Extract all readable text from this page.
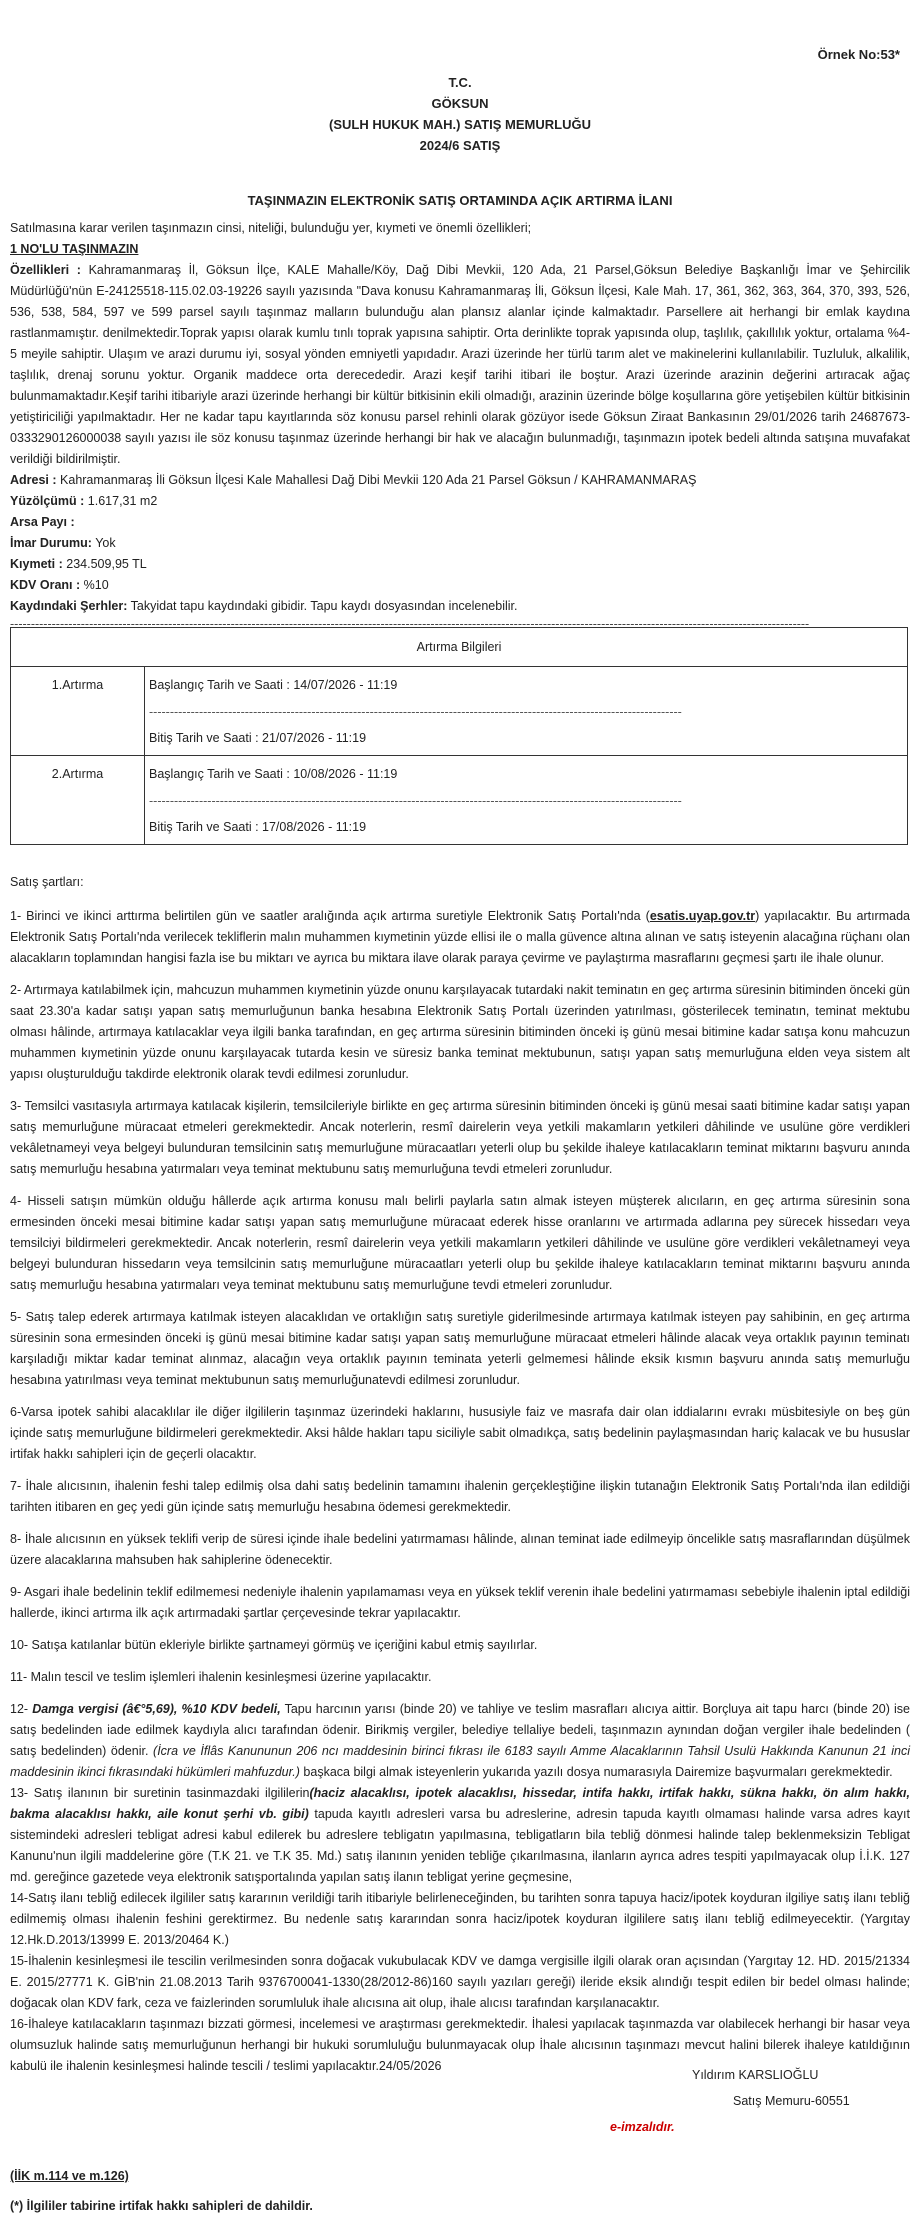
Örnek No:53*
T.C.
GÖKSUN
(SULH HUKUK MAH.) SATIŞ MEMURLUĞU
2024/6 SATIŞ
TAŞINMAZIN ELEKTRONİK SATIŞ ORTAMINDA AÇIK ARTIRMA İLANI
Satılmasına karar verilen taşınmazın cinsi, niteliği, bulunduğu yer, kıymeti ve önemli özellikleri;
1 NO'LU TAŞINMAZIN
Özellikleri : Kahramanmaraş İl, Göksun İlçe, KALE Mahalle/Köy, Dağ Dibi Mevkii, 120 Ada, 21 Parsel,Göksun Belediye Başkanlığı İmar ve Şehircilik Müdürlüğü'nün E-24125518-115.02.03-19226 sayılı yazısında "Dava konusu Kahramanmaraş İli, Göksun İlçesi, Kale Mah. 17, 361, 362, 363, 364, 370, 393, 526, 536, 538, 584, 597 ve 599 parsel sayılı taşınmaz malların bulunduğu alan plansız alanlar içinde kalmaktadır. Parsellere ait herhangi bir emlak kaydına rastlanmamıştır. denilmektedir.Toprak yapısı olarak kumlu tınlı toprak yapısına sahiptir. Orta derinlikte toprak yapısında olup, taşlılık, çakıllılık yoktur, ortalama %4-5 meyile sahiptir. Ulaşım ve arazi durumu iyi, sosyal yönden emniyetli yapıdadır. Arazi üzerinde her türlü tarım alet ve makinelerini kullanılabilir. Tuzluluk, alkalilik, taşlılık, drenaj sorunu yoktur. Organik maddece orta derecededir. Arazi keşif tarihi itibari ile boştur. Arazi üzerinde arazinin değerini artıracak ağaç bulunmamaktadır.Keşif tarihi itibariyle arazi üzerinde herhangi bir kültür bitkisinin ekili olmadığı, arazinin üzerinde bölge koşullarına göre yetişebilen kültür bitkisinin yetiştiriciliği yapılmaktadır. Her ne kadar tapu kayıtlarında söz konusu parsel rehinli olarak gözüyor isede Göksun Ziraat Bankasının 29/01/2026 tarih 24687673-0333290126000038 sayılı yazısı ile söz konusu taşınmaz üzerinde herhangi bir hak ve alacağın bulunmadığı, taşınmazın ipotek bedeli altında satışına muvafakat verildiği bildirilmiştir.
Adresi : Kahramanmaraş İli Göksun İlçesi Kale Mahallesi Dağ Dibi Mevkii 120 Ada 21 Parsel Göksun / KAHRAMANMARAŞ
Yüzölçümü : 1.617,31 m2
Arsa Payı :
İmar Durumu: Yok
Kıymeti : 234.509,95 TL
KDV Oranı : %10
Kaydındaki Şerhler: Takyidat tapu kaydındaki gibidir. Tapu kaydı dosyasından incelenebilir.
------------------------------------------------------------------------------------------------------------------------------------------------------------------------------------------------
Artırma Bilgileri	
1.Artırma	Başlangıç Tarih ve Saati : 14/07/2026 - 11:19
--------------------------------------------------------------------------------------------------------------------------------
Bitiş Tarih ve Saati : 21/07/2026 - 11:19

2.Artırma	Başlangıç Tarih ve Saati : 10/08/2026 - 11:19
--------------------------------------------------------------------------------------------------------------------------------
Bitiş Tarih ve Saati : 17/08/2026 - 11:19

Satış şartları:

1- Birinci ve ikinci arttırma belirtilen gün ve saatler aralığında açık artırma suretiyle Elektronik Satış Portalı'nda (esatis.uyap.gov.tr) yapılacaktır. Bu artırmada Elektronik Satış Portalı'nda verilecek tekliflerin malın muhammen kıymetinin yüzde ellisi ile o malla güvence altına alınan ve satış isteyenin alacağına rüçhanı olan alacakların toplamından hangisi fazla ise bu miktarı ve ayrıca bu miktara ilave olarak paraya çevirme ve paylaştırma masraflarını geçmesi şartı ile ihale olunur.

2- Artırmaya katılabilmek için, mahcuzun muhammen kıymetinin yüzde onunu karşılayacak tutardaki nakit teminatın en geç artırma süresinin bitiminden önceki gün saat 23.30'a kadar satışı yapan satış memurluğunun banka hesabına Elektronik Satış Portalı üzerinden yatırılması, gösterilecek teminatın, teminat mektubu olması hâlinde, artırmaya katılacaklar veya ilgili banka tarafından, en geç artırma süresinin bitiminden önceki iş günü mesai bitimine kadar satışa konu mahcuzun muhammen kıymetinin yüzde onunu karşılayacak tutarda kesin ve süresiz banka teminat mektubunun, satışı yapan satış memurluğuna elden veya sistem alt yapısı oluşturulduğu takdirde elektronik olarak tevdi edilmesi zorunludur.

3- Temsilci vasıtasıyla artırmaya katılacak kişilerin, temsilcileriyle birlikte en geç artırma süresinin bitiminden önceki iş günü mesai saati bitimine kadar satışı yapan satış memurluğune müracaat etmeleri gerekmektedir. Ancak noterlerin, resmî dairelerin veya yetkili makamların yetkileri dâhilinde ve usulüne göre verdikleri vekâletnameyi veya belgeyi bulunduran temsilcinin satış memurluğune müracaatları yeterli olup bu şekilde ihaleye katılacakların teminat miktarını başvuru anında satış memurluğu hesabına yatırmaları veya teminat mektubunu satış memurluğuna tevdi etmeleri zorunludur.

4- Hisseli satışın mümkün olduğu hâllerde açık artırma konusu malı belirli paylarla satın almak isteyen müşterek alıcıların, en geç artırma süresinin sona ermesinden önceki mesai bitimine kadar satışı yapan satış memurluğune müracaat ederek hisse oranlarını ve artırmada adlarına pey sürecek hissedarı veya temsilciyi bildirmeleri gerekmektedir. Ancak noterlerin, resmî dairelerin veya yetkili makamların yetkileri dâhilinde ve usulüne göre verdikleri vekâletnameyi veya belgeyi bulunduran hissedarın veya temsilcinin satış memurluğune müracaatları yeterli olup bu şekilde ihaleye katılacakların teminat miktarını başvuru anında satış memurluğu hesabına yatırmaları veya teminat mektubunu satış memurluğune tevdi etmeleri zorunludur.

5- Satış talep ederek artırmaya katılmak isteyen alacaklıdan ve ortaklığın satış suretiyle giderilmesinde artırmaya katılmak isteyen pay sahibinin, en geç artırma süresinin sona ermesinden önceki iş günü mesai bitimine kadar satışı yapan satış memurluğune müracaat etmeleri hâlinde alacak veya ortaklık payının teminatı karşıladığı miktar kadar teminat alınmaz, alacağın veya ortaklık payının teminata yeterli gelmemesi hâlinde eksik kısmın başvuru anında satış memurluğu hesabına yatırılması veya teminat mektubunun satış memurluğunatevdi edilmesi zorunludur.

6-Varsa ipotek sahibi alacaklılar ile diğer ilgililerin taşınmaz üzerindeki haklarını, hususiyle faiz ve masrafa dair olan iddialarını evrakı müsbitesiyle on beş gün içinde satış memurluğune bildirmeleri gerekmektedir. Aksi hâlde hakları tapu siciliyle sabit olmadıkça, satış bedelinin paylaşmasından hariç kalacak ve bu hususlar irtifak hakkı sahipleri için de geçerli olacaktır.

7- İhale alıcısının, ihalenin feshi talep edilmiş olsa dahi satış bedelinin tamamını ihalenin gerçekleştiğine ilişkin tutanağın Elektronik Satış Portalı'nda ilan edildiği tarihten itibaren en geç yedi gün içinde satış memurluğu hesabına ödemesi gerekmektedir.

8- İhale alıcısının en yüksek teklifi verip de süresi içinde ihale bedelini yatırmaması hâlinde, alınan teminat iade edilmeyip öncelikle satış masraflarından düşülmek üzere alacaklarına mahsuben hak sahiplerine ödenecektir.

9- Asgari ihale bedelinin teklif edilmemesi nedeniyle ihalenin yapılamaması veya en yüksek teklif verenin ihale bedelini yatırmaması sebebiyle ihalenin iptal edildiği hallerde, ikinci artırma ilk açık artırmadaki şartlar çerçevesinde tekrar yapılacaktır.

10- Satışa katılanlar bütün ekleriyle birlikte şartnameyi görmüş ve içeriğini kabul etmiş sayılırlar.

11- Malın tescil ve teslim işlemleri ihalenin kesinleşmesi üzerine yapılacaktır.

12- Damga vergisi (â€°5,69), %10 KDV bedeli, Tapu harcının yarısı (binde 20) ve tahliye ve teslim masrafları alıcıya aittir. Borçluya ait tapu harcı (binde 20) ise satış bedelinden iade edilmek kaydıyla alıcı tarafından ödenir. Birikmiş vergiler, belediye tellaliye bedeli, taşınmazın aynından doğan vergiler ihale bedelinden ( satış bedelinden) ödenir. (İcra ve İflâs Kanununun 206 ncı maddesinin birinci fıkrası ile 6183 sayılı Amme Alacaklarının Tahsil Usulü Hakkında Kanunun 21 inci maddesinin ikinci fıkrasındaki hükümleri mahfuzdur.) başkaca bilgi almak isteyenlerin yukarıda yazılı dosya numarasıyla Dairemize başvurmaları gerekmektedir.

13- Satış ilanının bir suretinin tasinmazdaki ilgililerin(haciz alacaklısı, ipotek alacaklısı, hissedar, intifa hakkı, irtifak hakkı, sükna hakkı, ön alım hakkı, bakma alacaklısı hakkı, aile konut şerhi vb. gibi) tapuda kayıtlı adresleri varsa bu adreslerine, adresin tapuda kayıtlı olmaması halinde varsa adres kayıt sistemindeki adresleri tebligat adresi kabul edilerek bu adreslere tebligatın yapılmasına, tebligatların bila tebliğ dönmesi halinde talep beklenmeksizin Tebligat Kanunu'nun ilgili maddelerine göre (T.K 21. ve T.K 35. Md.) satış ilanının yeniden tebliğe çıkarılmasına, ilanların ayrıca adres tespiti yapılmayacak olup İ.İ.K. 127 md. gereğince gazetede veya elektronik satışportalında yapılan satış ilanın tebligat yerine geçmesine,

14-Satış ilanı tebliğ edilecek ilgililer satış kararının verildiği tarih itibariyle belirleneceğinden, bu tarihten sonra tapuya haciz/ipotek koyduran ilgiliye satış ilanı tebliğ edilmemiş olması ihalenin feshini gerektirmez. Bu nedenle satış kararından sonra haciz/ipotek koyduran ilgililere satış ilanı tebliğ edilmeyecektir. (Yargıtay 12.Hk.D.2013/13999 E. 2013/20464 K.)

15-İhalenin kesinleşmesi ile tescilin verilmesinden sonra doğacak vukubulacak KDV ve damga vergisille ilgili olarak oran açısından (Yargıtay 12. HD. 2015/21334 E. 2015/27771 K. GİB'nin 21.08.2013 Tarih 9376700041-1330(28/2012-86)160 sayılı yazıları gereği) ileride eksik alındığı tespit edilen bir bedel olması halinde; doğacak olan KDV fark, ceza ve faizlerinden sorumluluk ihale alıcısına ait olup, ihale alıcısı tarafından karşılanacaktır.

16-İhaleye katılacakların taşınmazı bizzati görmesi, incelemesi ve araştırması gerekmektedir. İhalesi yapılacak taşınmazda var olabilecek herhangi bir hasar veya olumsuzluk halinde satış memurluğunun herhangi bir hukuki sorumluluğu bulunmayacak olup İhale alıcısının taşınmazı mevcut halini bilerek ihaleye katıldığının kabulü ile ihalenin kesinleşmesi halinde tescili / teslimi yapılacaktır.24/05/2026

Yıldırım KARSLIOĞLU
Satış Memuru-60551
e-imzalıdır.
(İİK m.114 ve m.126)
(*) İlgililer tabirine irtifak hakkı sahipleri de dahildir.
